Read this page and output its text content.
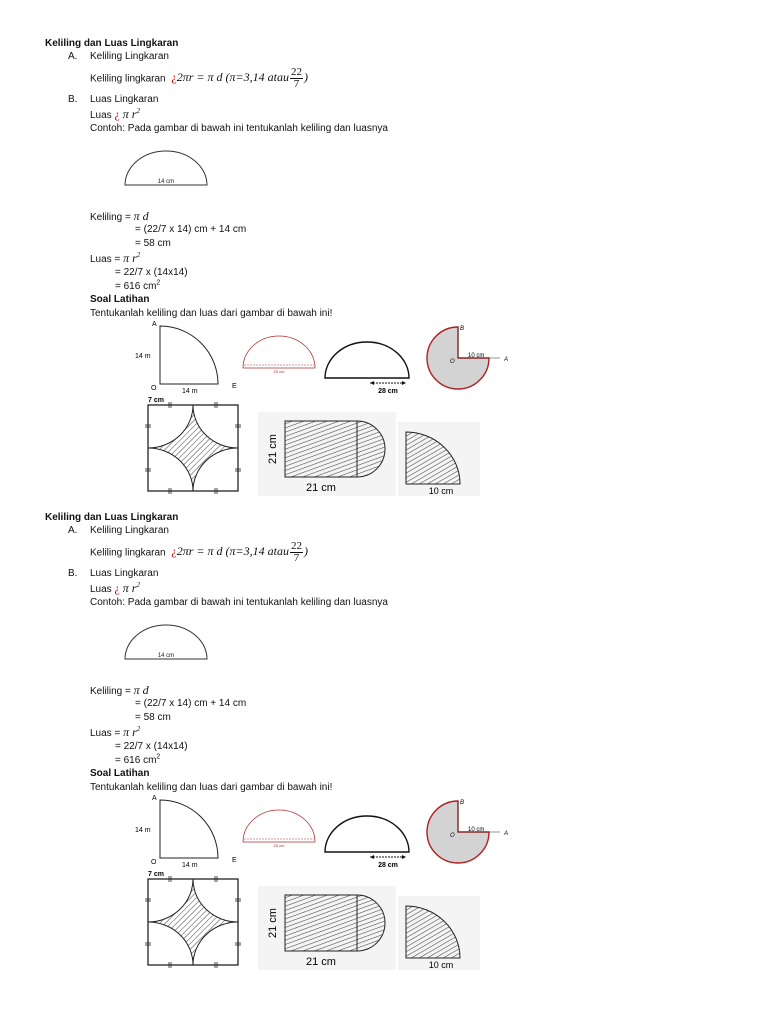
Keliling dan Luas Lingkaran
A. Keliling Lingkaran
Keliling lingkaran ¿2πr = π d (π=3,14 atau $\frac{22}{7}$ )
B. Luas Lingkaran
Luas ¿ π $r^2$
Contoh: Pada gambar di bawah ini tentukanlah keliling dan luasnya
14 cm
Keliling = π d
= (22/7 x 14) cm + 14 cm
= 58 cm
Luas = π $r^2$
= 22/7 x (14x14)
= 616 $cm^2$
Soal Latihan
Tentukanlah keliling dan luas dari gambar di bawah ini!
A
14 m
O	14 m
E
20 cm
28 cm
B
O
10 cm
A
7 cm
21 cm
21 cm	10 cm
Keliling dan Luas Lingkaran
A. Keliling Lingkaran
Keliling lingkaran ¿2πr = π d (π=3,14 atau $\frac{22}{7}$ )
B. Luas Lingkaran
Luas ¿ π $r^2$
Contoh: Pada gambar di bawah ini tentukanlah keliling dan luasnya
14 cm
Keliling = π d
= (22/7 x 14) cm + 14 cm
= 58 cm
Luas = π $r^2$
= 22/7 x (14x14)
= 616 $cm^2$
Soal Latihan
Tentukanlah keliling dan luas dari gambar di bawah ini!
A
14 m
O	14 m
E
20 cm
28 cm
B
O
10 cm
A
7 cm
21 cm
21 cm	10 cm
